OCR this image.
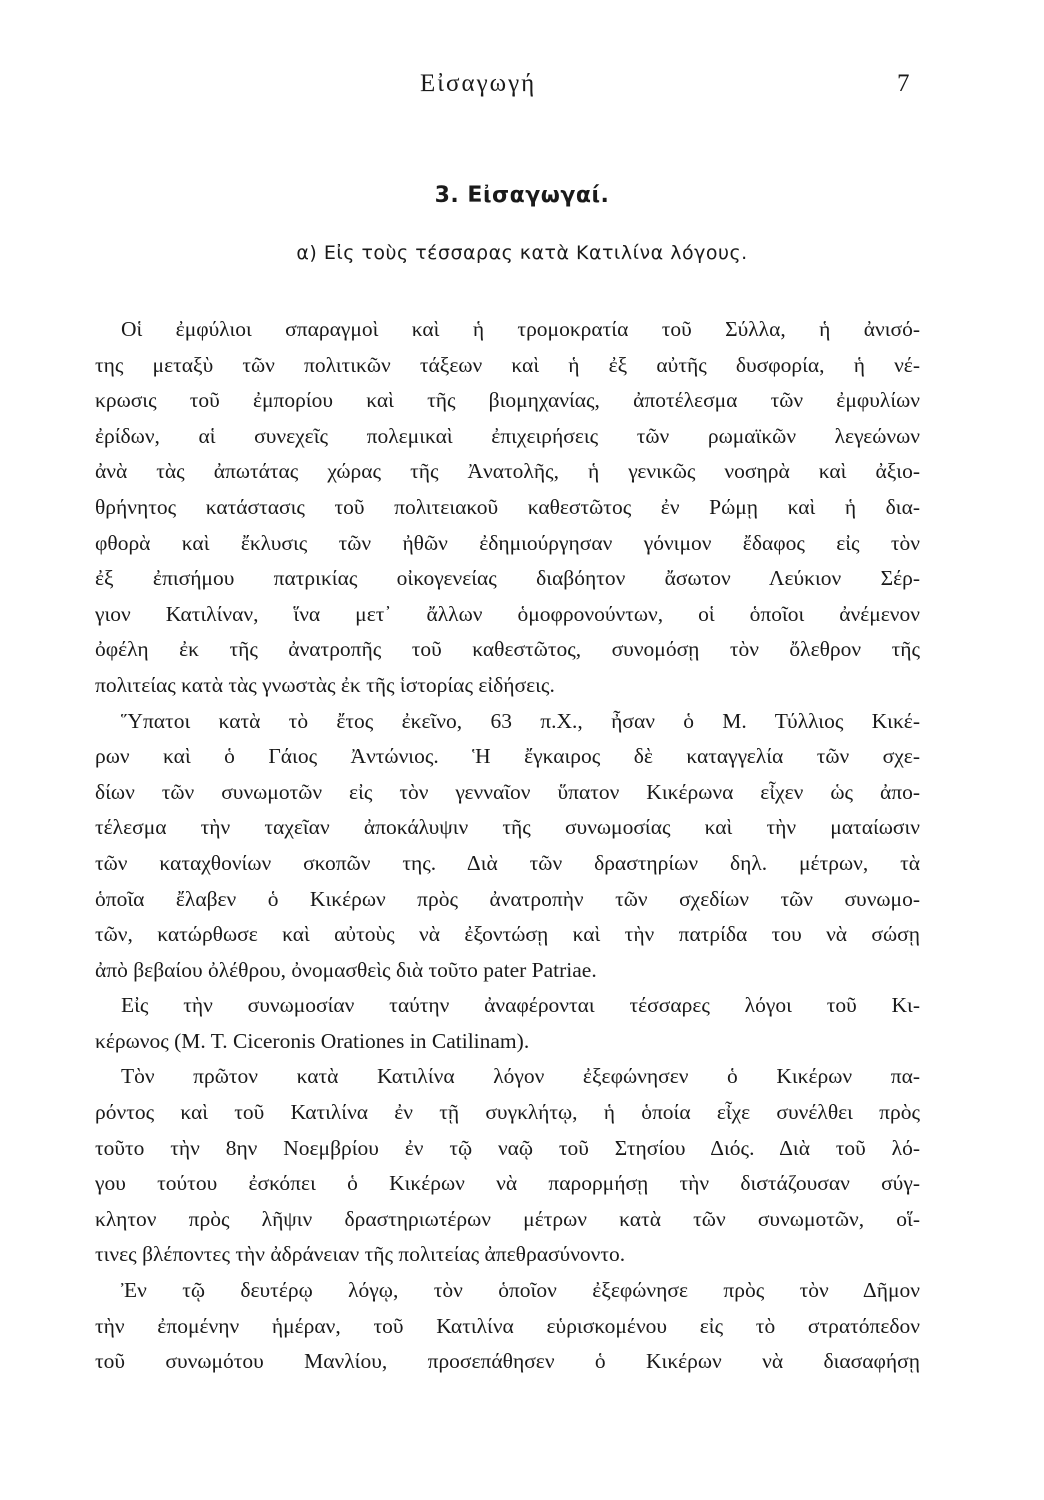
Εἰσαγωγή	7
3. Εἰσαγωγαί.
α) Εἰς τοὺς τέσσαρας κατὰ Κατιλίνα λόγους.
Οἱ ἐμφύλιοι σπαραγμοὶ καὶ ἡ τρομοκρατία τοῦ Σύλλα, ἡ ἀνισό-
της μεταξὺ τῶν πολιτικῶν τάξεων καὶ ἡ ἐξ αὐτῆς δυσφορία, ἡ νέ-
κρωσις τοῦ ἐμπορίου καὶ τῆς βιομηχανίας, ἀποτέλεσμα τῶν ἐμφυλίων
ἐρίδων, αἱ συνεχεῖς πολεμικαὶ ἐπιχειρήσεις τῶν ρωμαϊκῶν λεγεώνων
ἀνὰ τὰς ἀπωτάτας χώρας τῆς Ἀνατολῆς, ἡ γενικῶς νοσηρὰ καὶ ἀξιο-
θρήνητος κατάστασις τοῦ πολιτειακοῦ καθεστῶτος ἐν Ρώμῃ καὶ ἡ δια-
φθορὰ καὶ ἔκλυσις τῶν ἠθῶν ἐδημιούργησαν γόνιμον ἔδαφος εἰς τὸν
ἐξ ἐπισήμου πατρικίας οἰκογενείας διαβόητον ἄσωτον Λεύκιον Σέρ-
γιον Κατιλίναν, ἵνα μετ᾽ ἄλλων ὁμοφρονούντων, οἱ ὁποῖοι ἀνέμενον
ὀφέλη ἐκ τῆς ἀνατροπῆς τοῦ καθεστῶτος, συνομόσῃ τὸν ὄλεθρον τῆς
πολιτείας κατὰ τὰς γνωστὰς ἐκ τῆς ἱστορίας εἰδήσεις.
Ὕπατοι κατὰ τὸ ἔτος ἐκεῖνο, 63 π.Χ., ἦσαν ὁ Μ. Τύλλιος Κικέ-
ρων καὶ ὁ Γάιος Ἀντώνιος. Ἡ ἔγκαιρος δὲ καταγγελία τῶν σχε-
δίων τῶν συνωμοτῶν εἰς τὸν γενναῖον ὕπατον Κικέρωνα εἶχεν ὡς ἀπο-
τέλεσμα τὴν ταχεῖαν ἀποκάλυψιν τῆς συνωμοσίας καὶ τὴν ματαίωσιν
τῶν καταχθονίων σκοπῶν της. Διὰ τῶν δραστηρίων δηλ. μέτρων, τὰ
ὁποῖα ἔλαβεν ὁ Κικέρων πρὸς ἀνατροπὴν τῶν σχεδίων τῶν συνωμο-
τῶν, κατώρθωσε καὶ αὐτοὺς νὰ ἐξοντώσῃ καὶ τὴν πατρίδα του νὰ σώσῃ
ἀπὸ βεβαίου ὀλέθρου, ὀνομασθεὶς διὰ τοῦτο pater Patriae.
Εἰς τὴν συνωμοσίαν ταύτην ἀναφέρονται τέσσαρες λόγοι τοῦ Κι-
κέρωνος (M. T. Ciceronis Orationes in Catilinam).
Τὸν πρῶτον κατὰ Κατιλίνα λόγον ἐξεφώνησεν ὁ Κικέρων πα-
ρόντος καὶ τοῦ Κατιλίνα ἐν τῇ συγκλήτῳ, ἡ ὁποία εἶχε συνέλθει πρὸς
τοῦτο τὴν 8ην Νοεμβρίου ἐν τῷ ναῷ τοῦ Στησίου Διός. Διὰ τοῦ λό-
γου τούτου ἐσκόπει ὁ Κικέρων νὰ παρορμήσῃ τὴν διστάζουσαν σύγ-
κλητον πρὸς λῆψιν δραστηριωτέρων μέτρων κατὰ τῶν συνωμοτῶν, οἵ-
τινες βλέποντες τὴν ἀδράνειαν τῆς πολιτείας ἀπεθρασύνοντο.
Ἐν τῷ δευτέρῳ λόγῳ, τὸν ὁποῖον ἐξεφώνησε πρὸς τὸν Δῆμον
τὴν ἐπομένην ἡμέραν, τοῦ Κατιλίνα εὑρισκομένου εἰς τὸ στρατόπεδον
τοῦ συνωμότου Μανλίου, προσεπάθησεν ὁ Κικέρων νὰ διασαφήσῃ
